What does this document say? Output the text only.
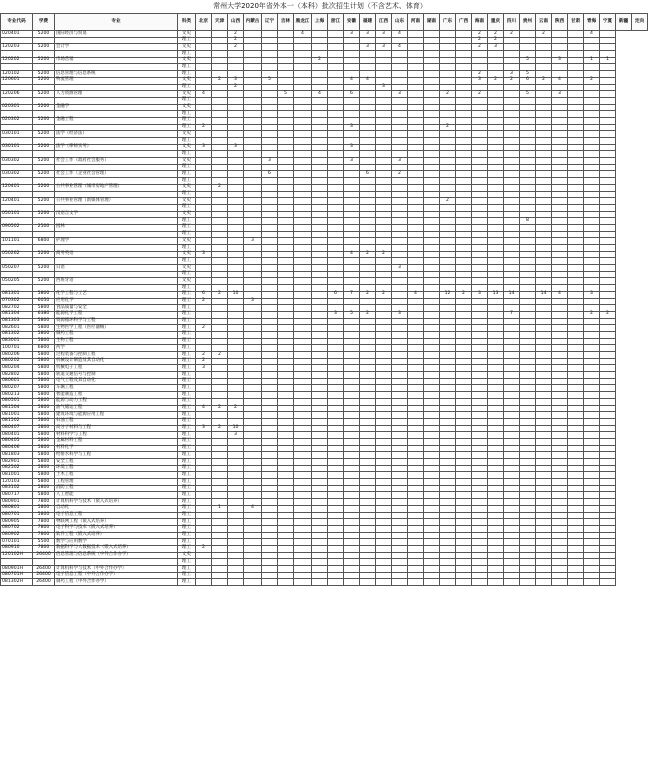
常州大学2020年省外本一（本科）批次招生计划（不含艺术、体育）
专业代码	学费	专业	科类	北京	天津	山西	内蒙古	辽宁	吉林	黑龙江	上海	浙江	安徽	福建	江西	山东	河南	湖南	广东	广西	海南	重庆	四川	贵州	云南	陕西	甘肃	青海	宁夏	新疆	定向
020401	5200	国际经济与贸易	文史			2				4			3	3	3	4					2	2	2		2			4			
			理工			2															2	2									
120203	5200	会计学	文史			2								3	3	4					2	3									
			理工																												
120202	5200	市场营销	文史								2													5		3		1	1		
			理工																												
120102	5200	信息管理与信息系统	理工																		2		3	5							
120601	5200	物流管理	文史		2	3		5					4	4							3	2	2	6	2	4		2			
			理工			2									3																
120206	5200	人力资源管理	文史	4					5		4		6			3			2		2			5		3					
			理工																												
020301	5200	金融学	文史																												
			理工																												
020302	5200	金融工程	理工																												
			理工	2									3						2												
030101	5200	法学（经济法）	文史																												
			理工																												
030101	5200	法学（律师实务）	文史	3		3							3																		
			理工																												
030302	5200	社会工作（政府社会服务）	文史					3					3			3															
			理工																												
030302	5200	社会工作（企业社会管理）	理工					6						6		2															
			理工																												
120401	5200	公共事业管理（城市房地产管理）	文史		2																										
			理工																												
120401	5200	公共事业管理（新媒体管理）	文史																2												
			理工																												
050101	5200	汉语言文学	文史																												
			理工																					8							
090502	2500	园林	理工																												
			理工																												
101101	6800	护理学	文史				3																								
			理工																												
050262	5200	商务英语	文史	3									4	2	2																
			理工																												
050207	5200	日语	文史													3															
			理工																												
050205	5200	西班牙语	文史																												
			理工																												
081301	5800	化学工程与工艺	理工	6	2	10						6	7	2	2		4		12	2	3	13	14		14	4		3			
070302	6050	应用化学	理工	2			3																								
082702	5800	食品质量与安全	理工																												
081304	6380	能源化学工程	理工									3	5	2		3							7					2	2		
081303	5800	资源循环科学与工程	理工																												
082601	5800	生物医学工程（医疗器械）	理工	2																											
081302	5800	制药工程	理工																												
083001	5800	生物工程	理工																												
100701	6800	药学	理工																												
080206	5800	过程装备与控制工程	理工	2	2																										
080202	5800	机械设计制造及其自动化	理工	2																											
080204	5800	机械电子工程	理工	3																											
082802	5800	轨道交通信号与控制	理工																												
080601	5800	电气工程及其自动化	理工																												
080207	5800	车辆工程	理工																												
080213	5800	智能制造工程	理工																												
080501	5800	能源与动力工程	理工																												
081504	5800	油气储运工程	理工	4	2	2																									
081001	5800	建筑环境与能源应用工程	理工																												
081502	5800	石油工程	理工																												
080407	5800	高分子材料与工程	理工	3	2	10																									
080401	5800	材料科学与工程	理工			3																									
080405	5800	金属材料工程	理工																												
080406	5800	材料化学	理工																												
081803	5800	给排水科学与工程	理工																												
082901	5800	安全工程	理工																												
082502	5800	环境工程	理工																												
081001	5800	土木工程	理工																												
120103	5800	工程管理	理工																												
083102	5800	消防工程	理工																												
080717	5800	人工智能	理工																												
080901	7800	计算机科学与技术（嵌入式培养）	理工																												
080801	5800	自动化	理工		1		4																								
080701	5800	电子信息工程	理工																												
080905	7800	物联网工程（嵌入式培养）	理工																												
080702	7800	电子科学与技术（嵌入式培养）	理工																												
080902	7800	软件工程（嵌入式培养）	理工																												
070101	5500	数学与应用数学	理工																												
080910	7800	数据科学与大数据技术（嵌入式培养）	理工	2																											
120102H	26400	信息管理与信息系统（中外合作办学）	文史																												
			理工																												
080901H	26400	计算机科学与技术（中外合作办学）	理工																												
080701H	26400	电子信息工程（中外合作办学）	理工																												
081302H	26400	制药工程（中外合作办学）	理工																												
